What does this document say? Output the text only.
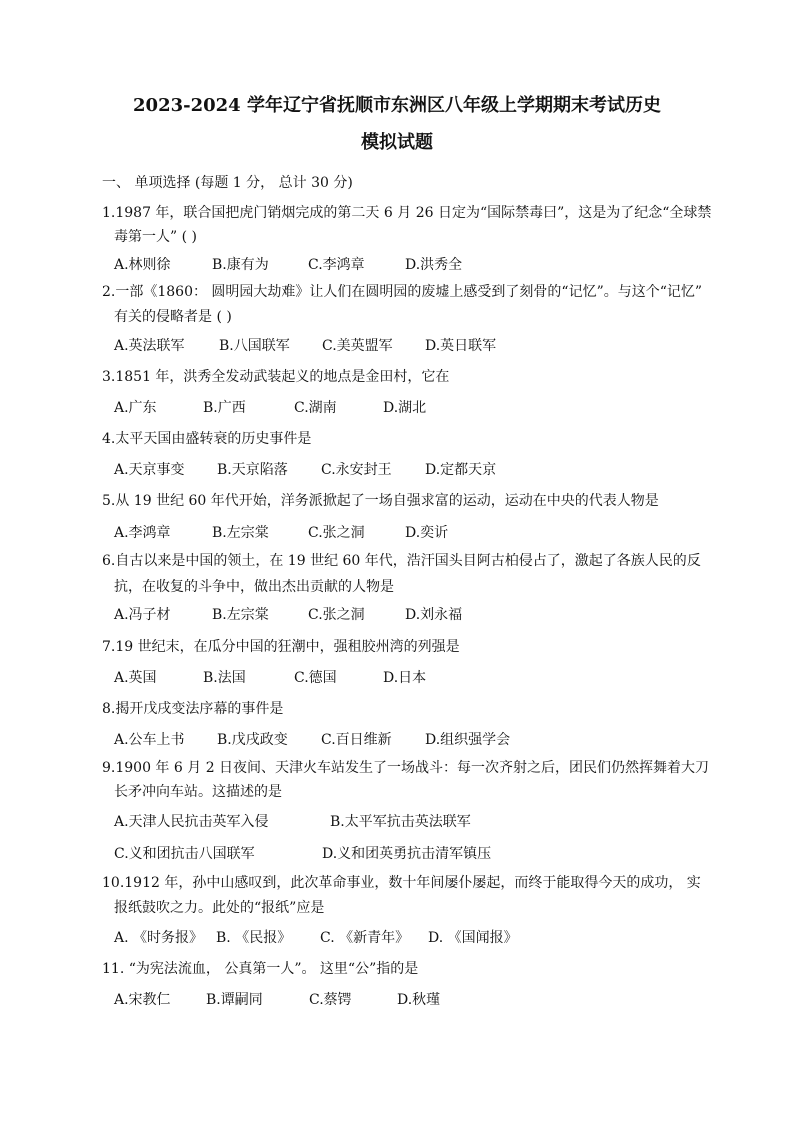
2023-2024 学年辽宁省抚顺市东洲区八年级上学期期末考试历史
模拟试题
一、 单项选择 (每题 1 分， 总计 30 分)
1.1987 年，联合国把虎门销烟完成的第二天 6 月 26 日定为“国际禁毒曰”，这是为了纪念“全球禁
毒第一人” ( )
A.林则徐	B.康有为	C.李鸿章	D.洪秀全
2.一部《1860： 圆明园大劫难》让人们在圆明园的废墟上感受到了刻骨的“记忆”。与这个“记忆”
有关的侵略者是 ( )
A.英法联军 B.八国联军 C.美英盟军 D.英日联军
3.1851 年，洪秀全发动武装起义的地点是金田村，它在
A.广东	B.广西	C.湖南	D.湖北
4.太平天国由盛转衰的历史事件是
A.天京事变 B.天京陷落 C.永安封王 D.定都天京
5.从 19 世纪 60 年代开始，洋务派掀起了一场自强求富的运动，运动在中央的代表人物是
A.李鸿章	B.左宗棠	C.张之洞	D.奕䜣
6.自古以来是中国的领土，在 19 世纪 60 年代，浩汗国头目阿古柏侵占了，激起了各族人民的反
抗，在收复的斗争中，做出杰出贡献的人物是
A.冯子材	B.左宗棠	C.张之洞	D.刘永福
7.19 世纪末，在瓜分中国的狂潮中，强租胶州湾的列强是
A.英国	B.法国	C.德国	D.日本
8.揭开戊戌变法序幕的事件是
A.公车上书 B.戊戌政变 C.百日维新 D.组织强学会
9.1900 年 6 月 2 日夜间、天津火车站发生了一场战斗：每一次齐射之后，团民们仍然挥舞着大刀
长矛冲向车站。这描述的是
A.天津人民抗击英军入侵	B.太平军抗击英法联军
C.义和团抗击八国联军	D.义和团英勇抗击清军镇压
10.1912 年，孙中山感叹到，此次革命事业，数十年间屡仆屡起，而终于能取得今天的成功， 实
报纸鼓吹之力。此处的“报纸”应是
A. 《时务报》 B. 《民报》 C. 《新青年》 D. 《国闻报》
11. “为宪法流血， 公真第一人”。 这里“公”指的是
A.宋教仁	B.谭嗣同	C.蔡锷	D.秋瑾
